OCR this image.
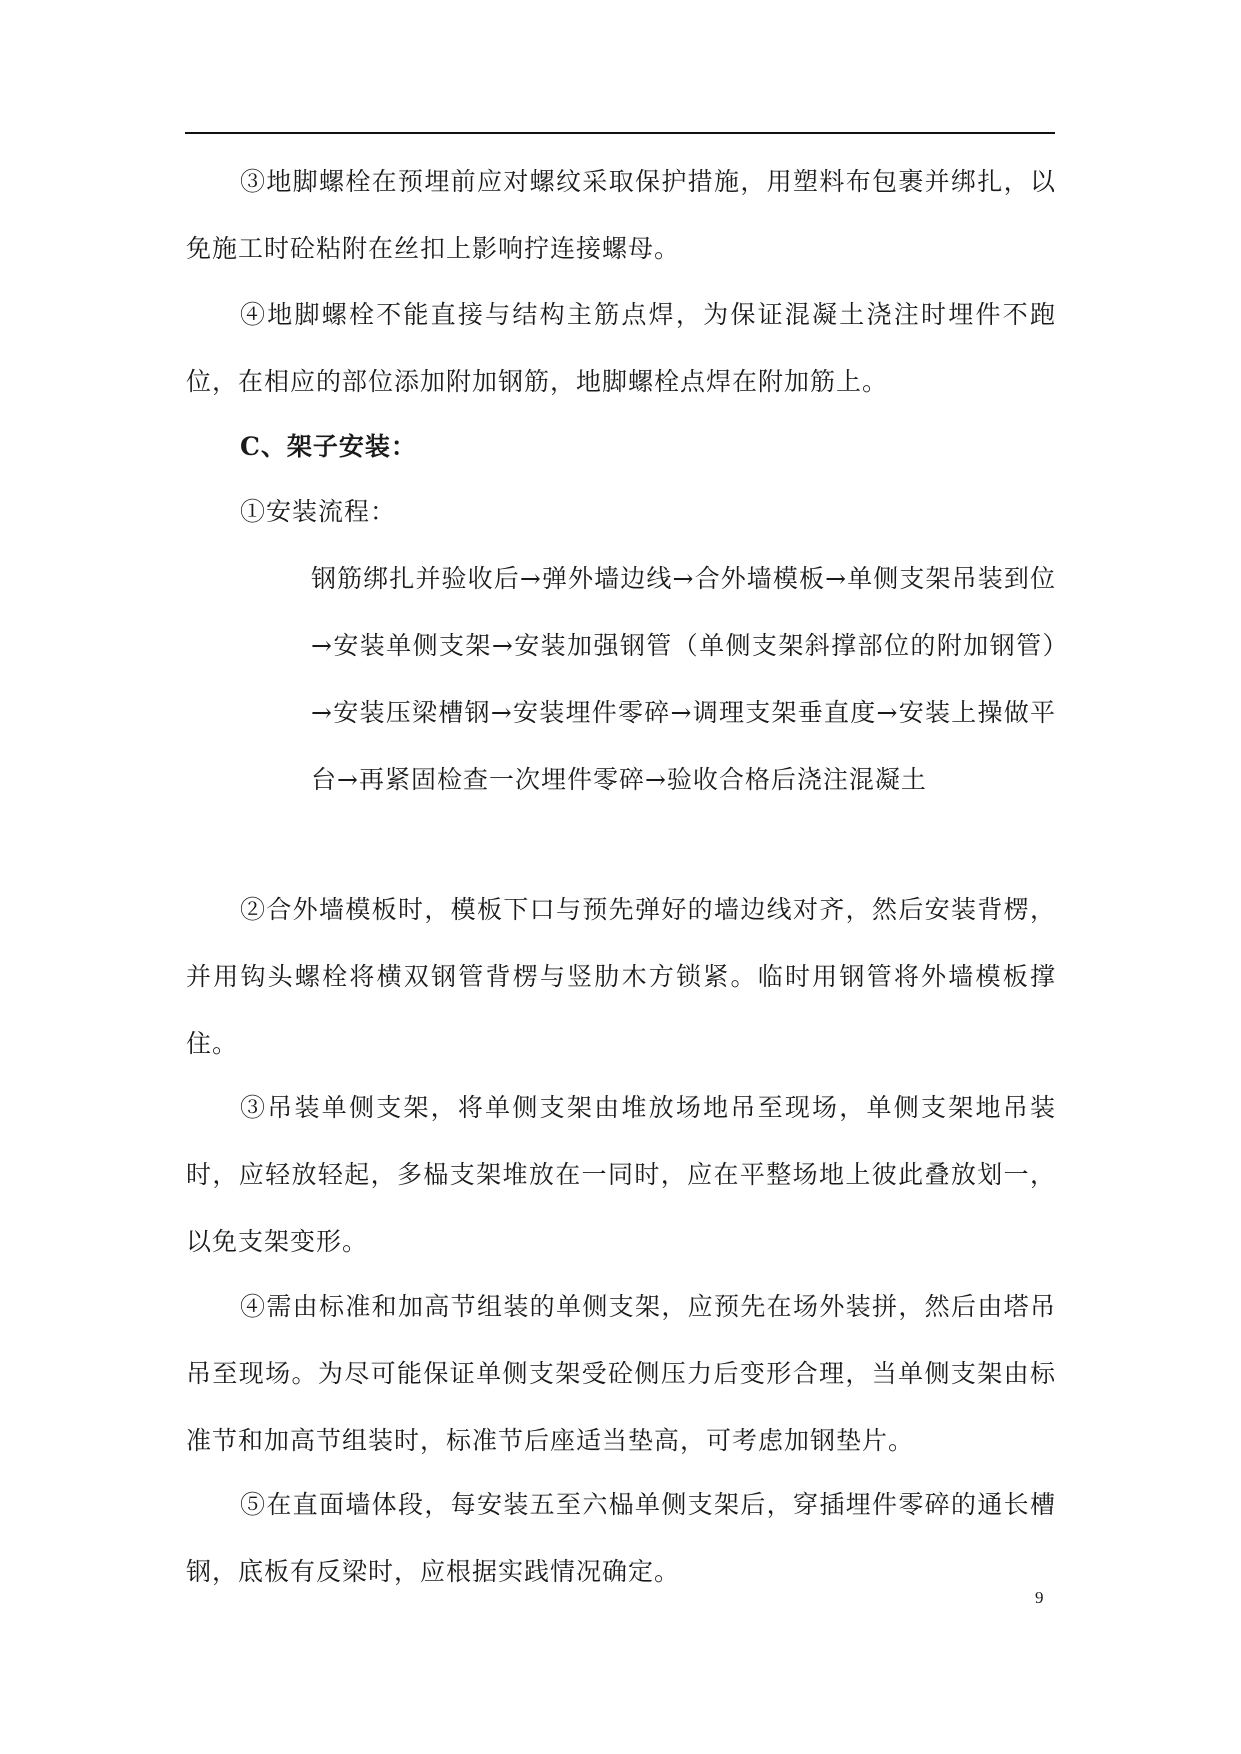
③地脚螺栓在预埋前应对螺纹采取保护措施，用塑料布包裹并绑扎，以免施工时砼粘附在丝扣上影响拧连接螺母。

④地脚螺栓不能直接与结构主筋点焊，为保证混凝土浇注时埋件不跑位，在相应的部位添加附加钢筋，地脚螺栓点焊在附加筋上。

C、架子安装：

①安装流程：

钢筋绑扎并验收后→弹外墙边线→合外墙模板→单侧支架吊装到位→安装单侧支架→安装加强钢管（单侧支架斜撑部位的附加钢管）→安装压梁槽钢→安装埋件零碎→调理支架垂直度→安装上操做平台→再紧固检查一次埋件零碎→验收合格后浇注混凝土

②合外墙模板时，模板下口与预先弹好的墙边线对齐，然后安装背楞，并用钩头螺栓将横双钢管背楞与竖肋木方锁紧。临时用钢管将外墙模板撑住。

③吊装单侧支架，将单侧支架由堆放场地吊至现场，单侧支架地吊装时，应轻放轻起，多榀支架堆放在一同时，应在平整场地上彼此叠放划一，以免支架变形。

④需由标准和加高节组装的单侧支架，应预先在场外装拼，然后由塔吊吊至现场。为尽可能保证单侧支架受砼侧压力后变形合理，当单侧支架由标准节和加高节组装时，标准节后座适当垫高，可考虑加钢垫片。

⑤在直面墙体段，每安装五至六榀单侧支架后，穿插埋件零碎的通长槽钢，底板有反梁时，应根据实践情况确定。

9
